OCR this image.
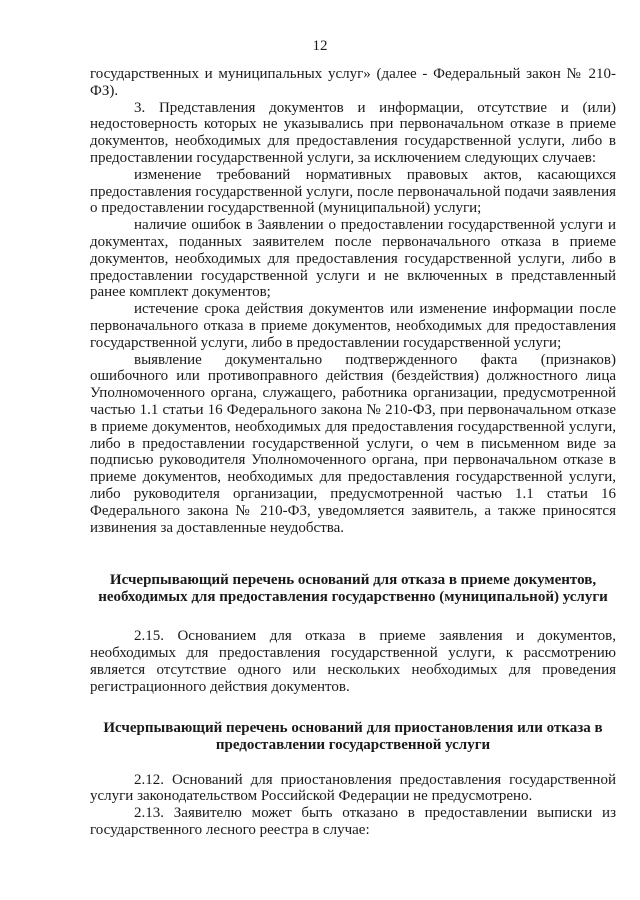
12

государственных и муниципальных услуг» (далее - Федеральный закон № 210-ФЗ).

3. Представления документов и информации, отсутствие и (или) недостоверность которых не указывались при первоначальном отказе в приеме документов, необходимых для предоставления государственной услуги, либо в предоставлении государственной услуги, за исключением следующих случаев:

изменение требований нормативных правовых актов, касающихся предоставления государственной услуги, после первоначальной подачи заявления о предоставлении государственной (муниципальной) услуги;

наличие ошибок в Заявлении о предоставлении государственной услуги и документах, поданных заявителем после первоначального отказа в приеме документов, необходимых для предоставления государственной услуги, либо в предоставлении государственной услуги и не включенных в представленный ранее комплект документов;

истечение срока действия документов или изменение информации после первоначального отказа в приеме документов, необходимых для предоставления государственной услуги, либо в предоставлении государственной услуги;

выявление документально подтвержденного факта (признаков) ошибочного или противоправного действия (бездействия) должностного лица Уполномоченного органа, служащего, работника организации, предусмотренной частью 1.1 статьи 16 Федерального закона № 210-ФЗ, при первоначальном отказе в приеме документов, необходимых для предоставления государственной услуги, либо в предоставлении государственной услуги, о чем в письменном виде за подписью руководителя Уполномоченного органа, при первоначальном отказе в приеме документов, необходимых для предоставления государственной услуги, либо руководителя организации, предусмотренной частью 1.1 статьи 16 Федерального закона № 210-ФЗ, уведомляется заявитель, а также приносятся извинения за доставленные неудобства.

Исчерпывающий перечень оснований для отказа в приеме документов, необходимых для предоставления государственно (муниципальной) услуги

2.15. Основанием для отказа в приеме заявления и документов, необходимых для предоставления государственной услуги, к рассмотрению является отсутствие одного или нескольких необходимых для проведения регистрационного действия документов.

Исчерпывающий перечень оснований для приостановления или отказа в предоставлении государственной услуги

2.12. Оснований для приостановления предоставления государственной услуги законодательством Российской Федерации не предусмотрено.

2.13. Заявителю может быть отказано в предоставлении выписки из государственного лесного реестра в случае:
